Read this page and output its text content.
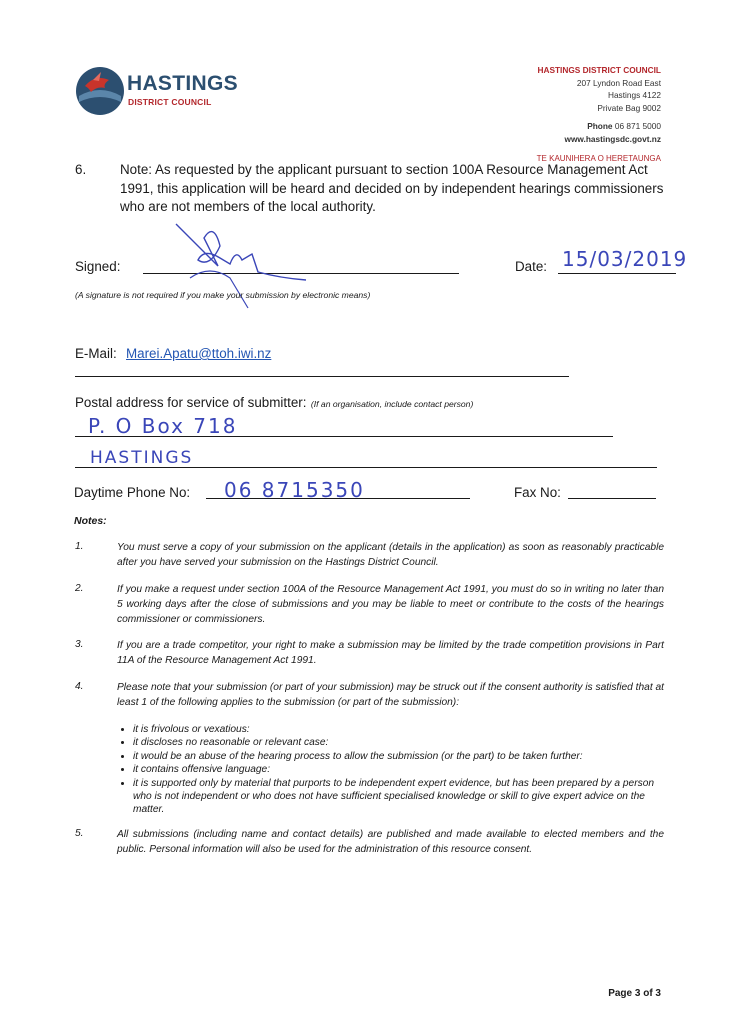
HASTINGS
DISTRICT COUNCIL
HASTINGS DISTRICT COUNCIL
207 Lyndon Road East
Hastings 4122
Private Bag 9002
Phone 06 871 5000
www.hastingsdc.govt.nz
TE KAUNIHERA O HERETAUNGA
6.	Note: As requested by the applicant pursuant to section 100A Resource Management Act 1991, this application will be heard and decided on by independent hearings commissioners who are not members of the local authority.
Signed:	Date: 15/03/2019
(A signature is not required if you make your submission by electronic means)
E-Mail: Marei.Apatu@ttoh.iwi.nz
Postal address for service of submitter: (If an organisation, include contact person)
P. O Box 718
HASTINGS
Daytime Phone No: 06 8715350	Fax No:
Notes:
1.	You must serve a copy of your submission on the applicant (details in the application) as soon as reasonably practicable after you have served your submission on the Hastings District Council.
2.	If you make a request under section 100A of the Resource Management Act 1991, you must do so in writing no later than 5 working days after the close of submissions and you may be liable to meet or contribute to the costs of the hearings commissioner or commissioners.
3.	If you are a trade competitor, your right to make a submission may be limited by the trade competition provisions in Part 11A of the Resource Management Act 1991.
4.	Please note that your submission (or part of your submission) may be struck out if the consent authority is satisfied that at least 1 of the following applies to the submission (or part of the submission):
• it is frivolous or vexatious:
• it discloses no reasonable or relevant case:
• it would be an abuse of the hearing process to allow the submission (or the part) to be taken further:
• it contains offensive language:
• it is supported only by material that purports to be independent expert evidence, but has been prepared by a person who is not independent or who does not have sufficient specialised knowledge or skill to give expert advice on the matter.
5.	All submissions (including name and contact details) are published and made available to elected members and the public. Personal information will also be used for the administration of this resource consent.
Page 3 of 3
